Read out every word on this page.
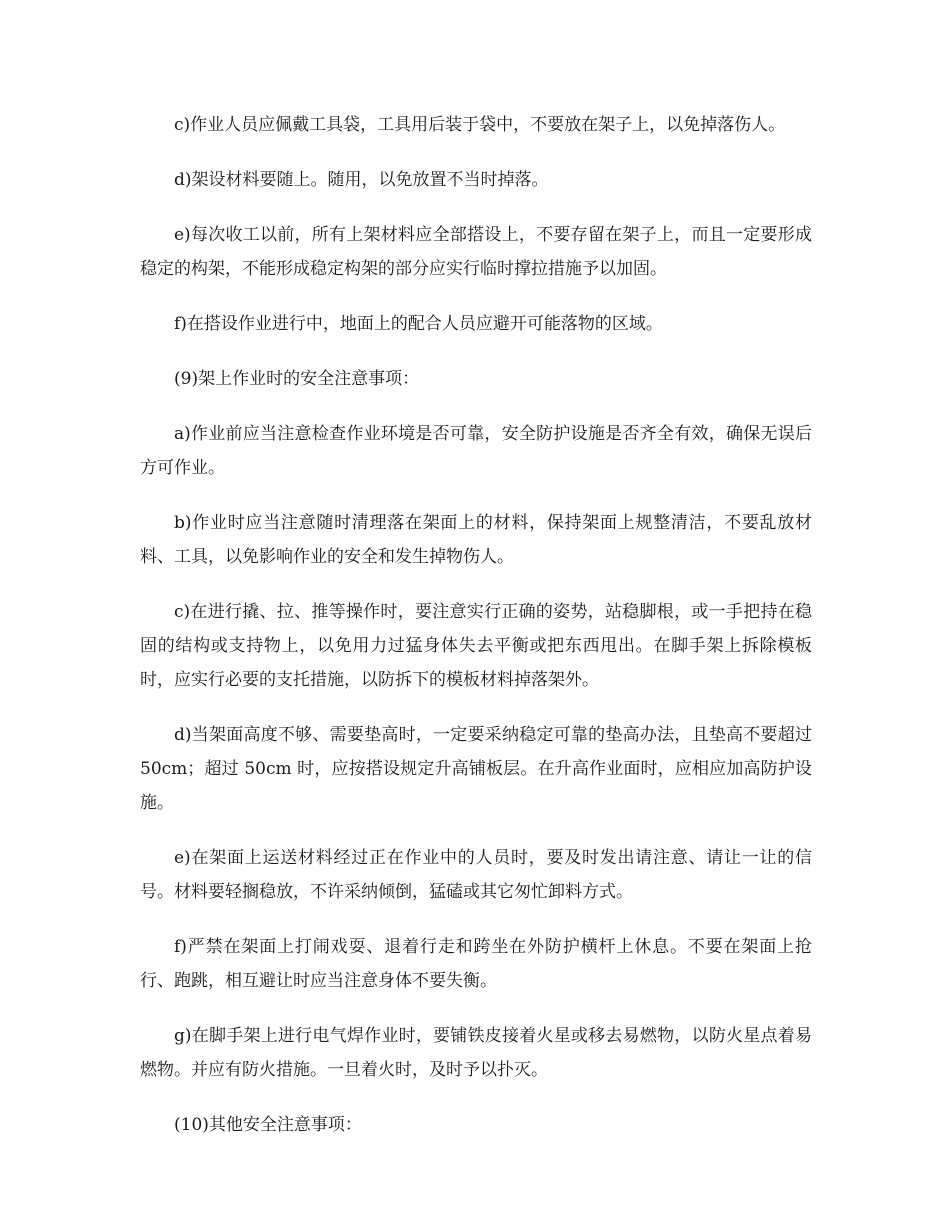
c)作业人员应佩戴工具袋，工具用后装于袋中，不要放在架子上，以免掉落伤人。

d)架设材料要随上。随用，以免放置不当时掉落。

e)每次收工以前，所有上架材料应全部搭设上，不要存留在架子上，而且一定要形成稳定的构架，不能形成稳定构架的部分应实行临时撑拉措施予以加固。

f)在搭设作业进行中，地面上的配合人员应避开可能落物的区域。

(9)架上作业时的安全注意事项：

a)作业前应当注意检查作业环境是否可靠，安全防护设施是否齐全有效，确保无误后方可作业。

b)作业时应当注意随时清理落在架面上的材料，保持架面上规整清洁，不要乱放材料、工具，以免影响作业的安全和发生掉物伤人。

c)在进行撬、拉、推等操作时，要注意实行正确的姿势，站稳脚根，或一手把持在稳固的结构或支持物上，以免用力过猛身体失去平衡或把东西甩出。在脚手架上拆除模板时，应实行必要的支托措施，以防拆下的模板材料掉落架外。

d)当架面高度不够、需要垫高时，一定要采纳稳定可靠的垫高办法，且垫高不要超过 50cm；超过 50cm 时，应按搭设规定升高铺板层。在升高作业面时，应相应加高防护设施。

e)在架面上运送材料经过正在作业中的人员时，要及时发出请注意、请让一让的信号。材料要轻搁稳放，不许采纳倾倒，猛磕或其它匆忙卸料方式。

f)严禁在架面上打闹戏耍、退着行走和跨坐在外防护横杆上休息。不要在架面上抢行、跑跳，相互避让时应当注意身体不要失衡。

g)在脚手架上进行电气焊作业时，要铺铁皮接着火星或移去易燃物，以防火星点着易燃物。并应有防火措施。一旦着火时，及时予以扑灭。

(10)其他安全注意事项：
